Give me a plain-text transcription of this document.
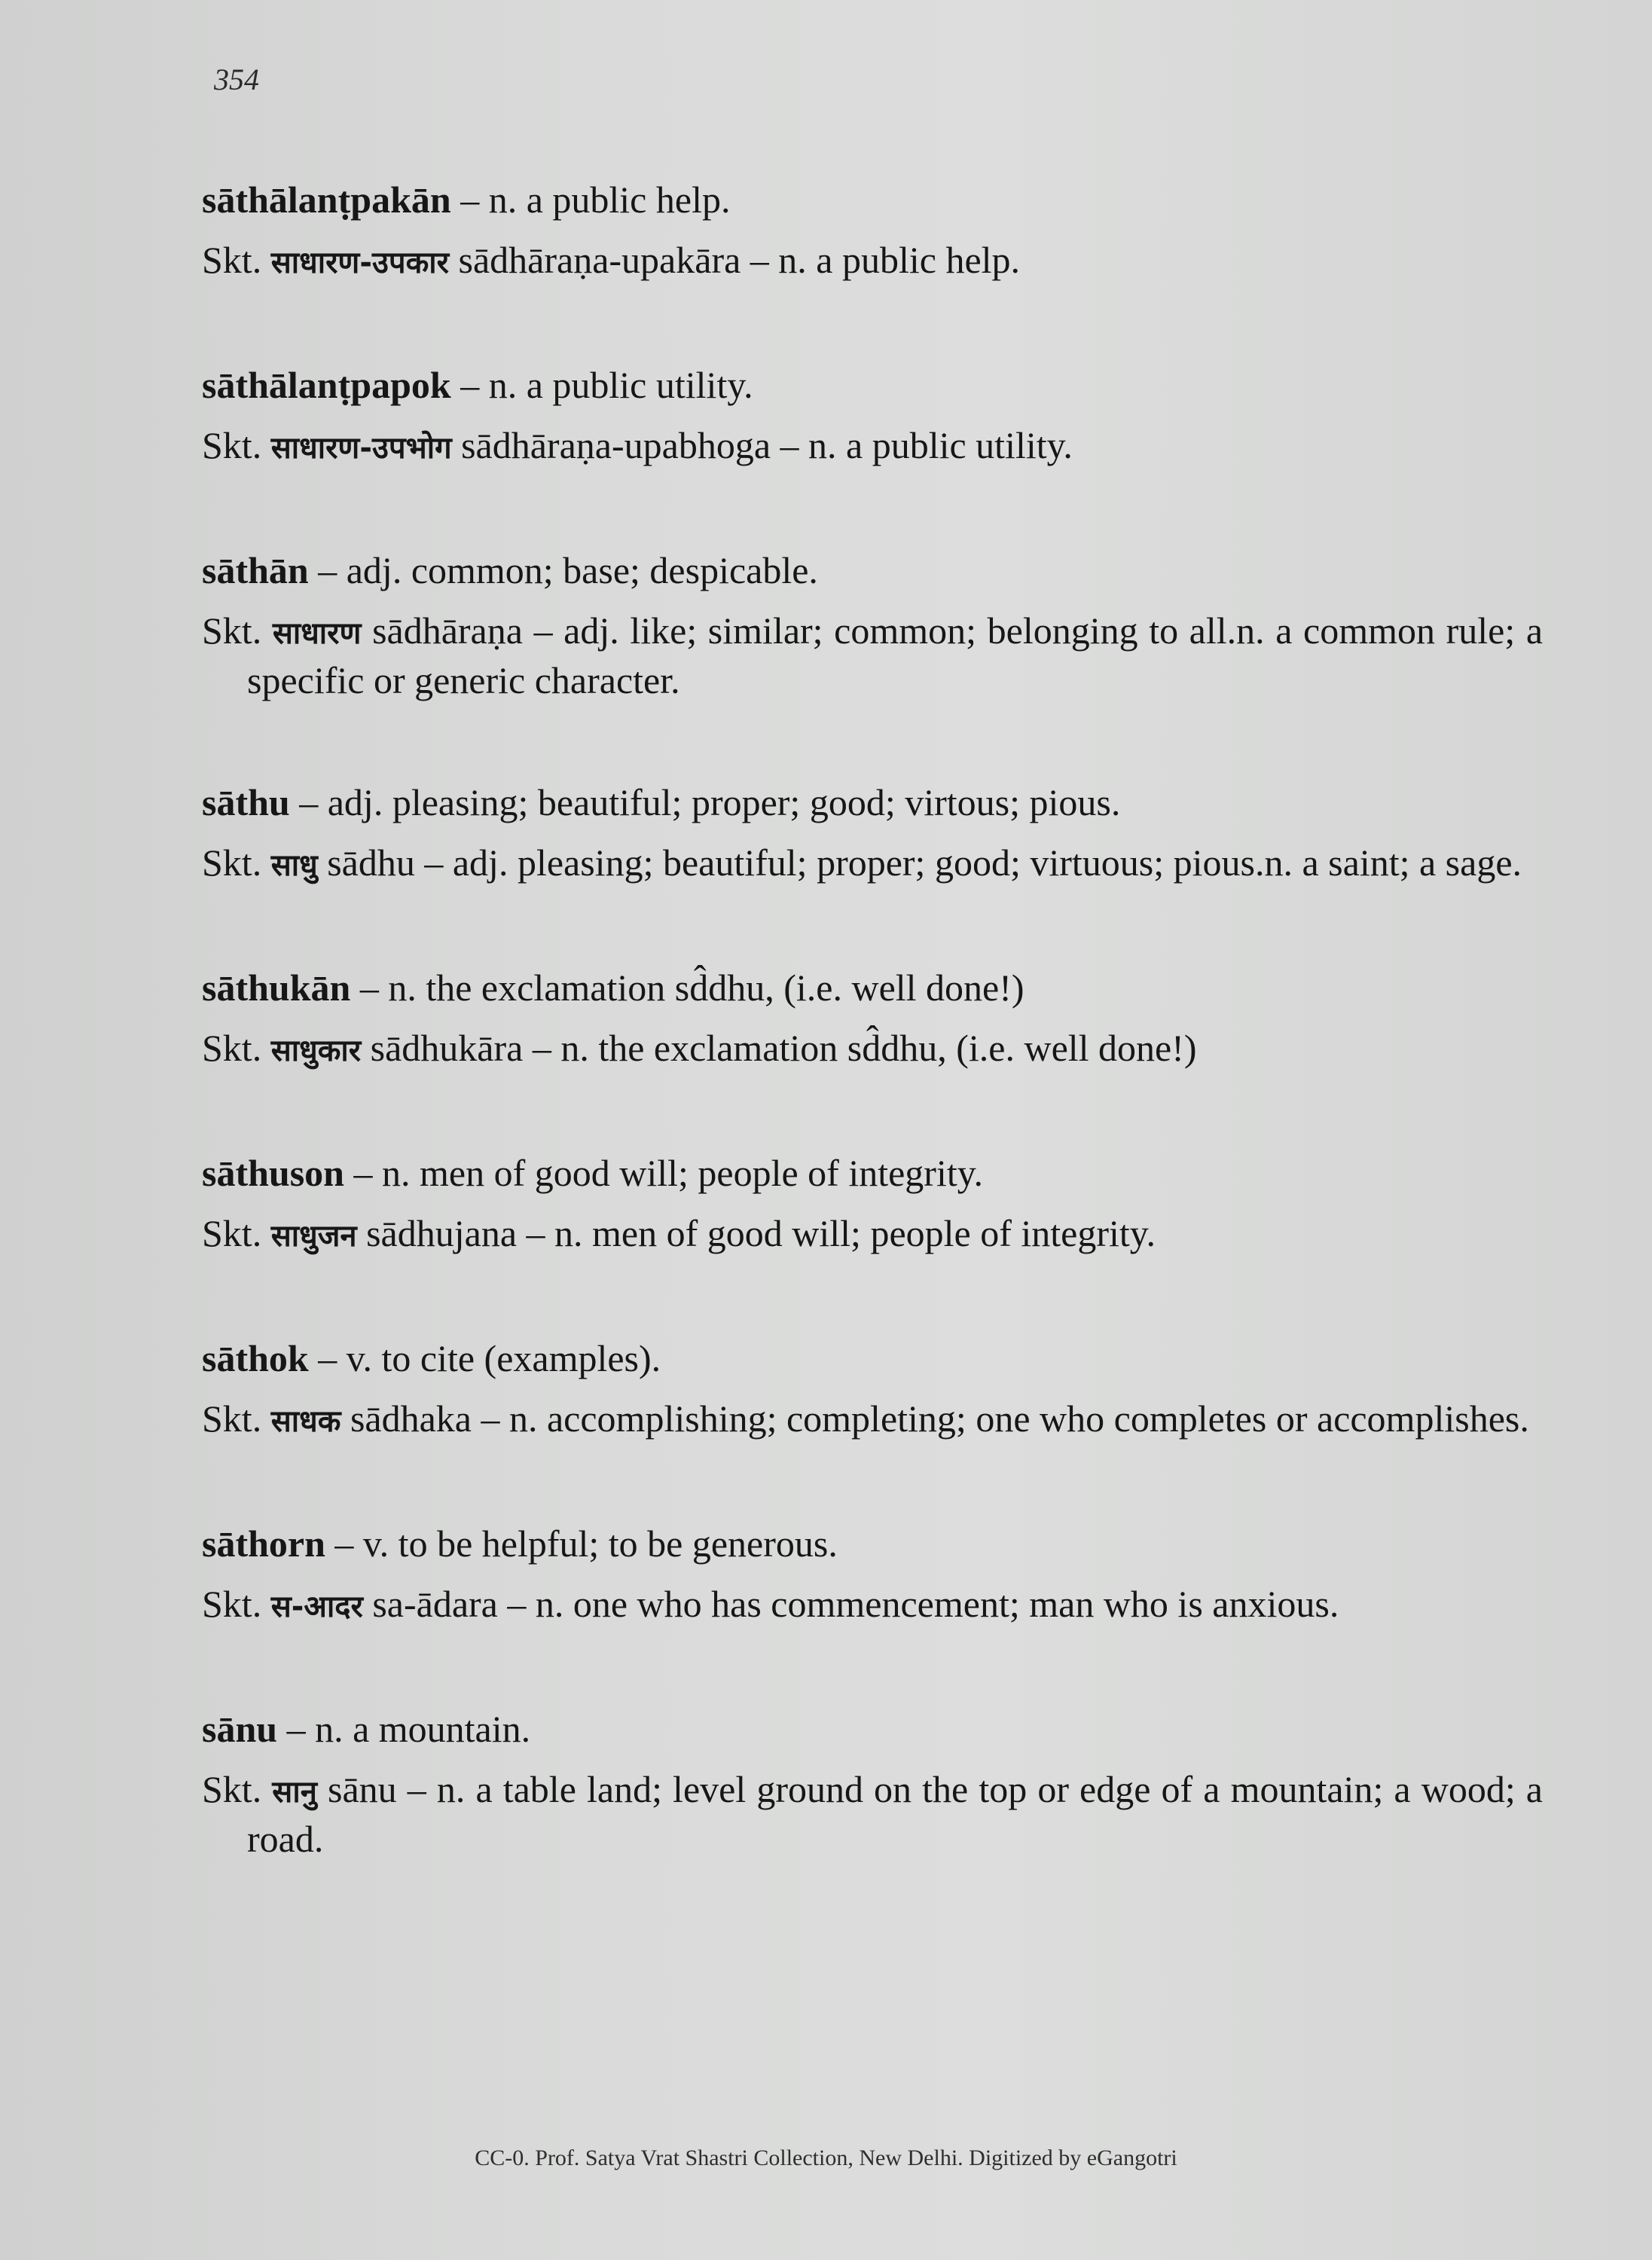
354
sāthālanṭpakān – n. a public help.
Skt. साधारण-उपकार sādhāraṇa-upakāra – n. a public help.
sāthālanṭpapok – n. a public utility.
Skt. साधारण-उपभोग sādhāraṇa-upabhoga – n. a public utility.
sāthān – adj. common; base; despicable.
Skt. साधारण sādhāraṇa – adj. like; similar; common; belonging to all.n. a common rule; a specific or generic character.
sāthu – adj. pleasing; beautiful; proper; good; virtous; pious.
Skt. साधु sādhu – adj. pleasing; beautiful; proper; good; virtuous; pious.n. a saint; a sage.
sāthukān – n. the exclamation sd̂dhu, (i.e. well done!)
Skt. साधुकार sādhukāra – n. the exclamation sd̂dhu, (i.e. well done!)
sāthuson – n. men of good will; people of integrity.
Skt. साधुजन sādhujana – n. men of good will; people of integrity.
sāthok – v. to cite (examples).
Skt. साधक sādhaka – n. accomplishing; completing; one who completes or accomplishes.
sāthorn – v. to be helpful; to be generous.
Skt. स-आदर sa-ādara – n. one who has commencement; man who is anxious.
sānu – n. a mountain.
Skt. सानु sānu – n. a table land; level ground on the top or edge of a mountain; a wood; a road.
CC-0. Prof. Satya Vrat Shastri Collection, New Delhi. Digitized by eGangotri
